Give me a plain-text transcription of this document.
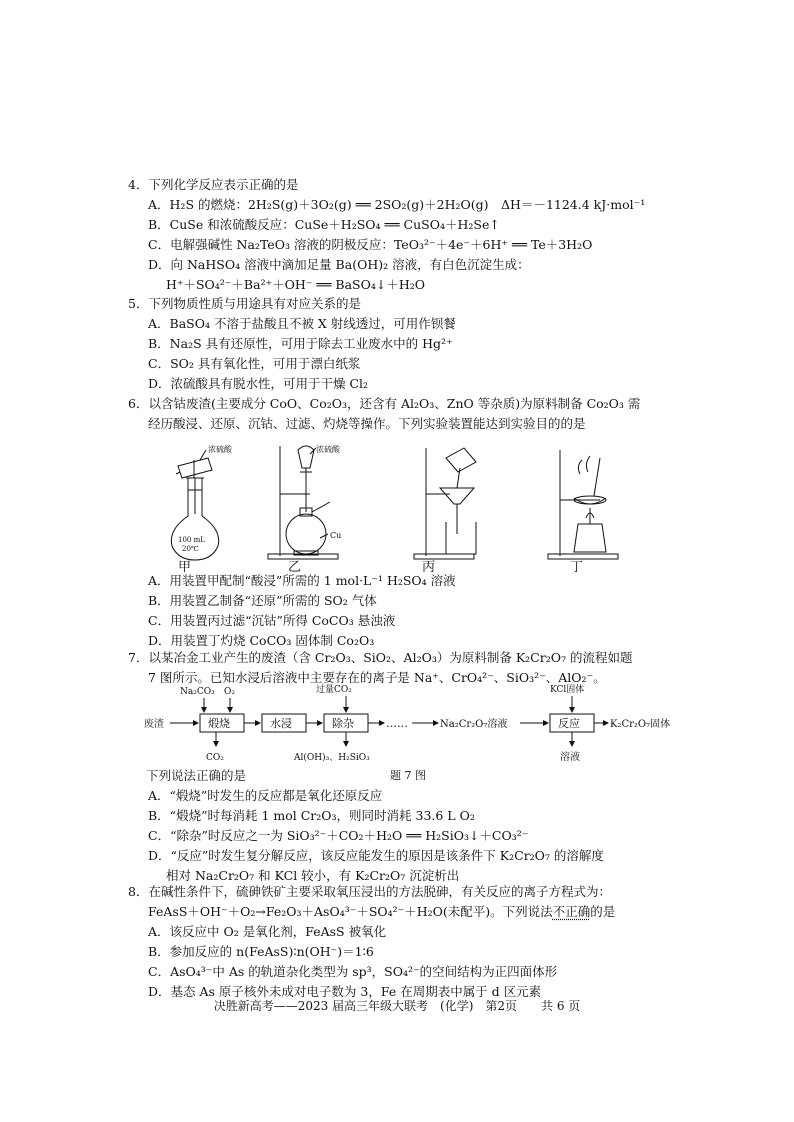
4．下列化学反应表示正确的是
A．H₂S 的燃烧：2H₂S(g)＋3O₂(g) ══ 2SO₂(g)＋2H₂O(g)　ΔH＝－1124.4 kJ·mol⁻¹
B．CuSe 和浓硫酸反应：CuSe＋H₂SO₄ ══ CuSO₄＋H₂Se↑
C．电解强碱性 Na₂TeO₃ 溶液的阴极反应：TeO₃²⁻＋4e⁻＋6H⁺ ══ Te＋3H₂O
D．向 NaHSO₄ 溶液中滴加足量 Ba(OH)₂ 溶液，有白色沉淀生成：
H⁺＋SO₄²⁻＋Ba²⁺＋OH⁻ ══ BaSO₄↓＋H₂O
5．下列物质性质与用途具有对应关系的是
A．BaSO₄ 不溶于盐酸且不被 X 射线透过，可用作钡餐
B．Na₂S 具有还原性，可用于除去工业废水中的 Hg²⁺
C．SO₂ 具有氧化性，可用于漂白纸浆
D．浓硫酸具有脱水性，可用于干燥 Cl₂
6．以含钴废渣(主要成分 CoO、Co₂O₃，还含有 Al₂O₃、ZnO 等杂质)为原料制备 Co₂O₃ 需
经历酸浸、还原、沉钴、过滤、灼烧等操作。下列实验装置能达到实验目的的是
浓硫酸
100 mL
20℃
浓硫酸
Cu
甲	乙	丙	丁
A．用装置甲配制“酸浸”所需的 1 mol·L⁻¹ H₂SO₄ 溶液
B．用装置乙制备“还原”所需的 SO₂ 气体
C．用装置丙过滤“沉钴”所得 CoCO₃ 悬浊液
D．用装置丁灼烧 CoCO₃ 固体制 Co₂O₃
7．以某冶金工业产生的废渣（含 Cr₂O₃、SiO₂、Al₂O₃）为原料制备 K₂Cr₂O₇ 的流程如题
7 图所示。已知水浸后溶液中主要存在的离子是 Na⁺、CrO₄²⁻、SiO₃²⁻、AlO₂⁻。
废渣	煅烧
Na₂CO₃ O₂
CO₂
水浸	除杂
过量CO₂
Al(OH)₃、H₂SiO₃
……	Na₂Cr₂O₇溶液	反应
KCl固体
溶液
K₂Cr₂O₇固体
下列说法正确的是	题 7 图
A．“煅烧”时发生的反应都是氧化还原反应
B．“煅烧”时每消耗 1 mol Cr₂O₃，则同时消耗 33.6 L O₂
C．“除杂”时反应之一为 SiO₃²⁻＋CO₂＋H₂O ══ H₂SiO₃↓＋CO₃²⁻
D．“反应”时发生复分解反应，该反应能发生的原因是该条件下 K₂Cr₂O₇ 的溶解度
相对 Na₂Cr₂O₇ 和 KCl 较小，有 K₂Cr₂O₇ 沉淀析出
8．在碱性条件下，硫砷铁矿主要采取氧压浸出的方法脱砷，有关反应的离子方程式为：
FeAsS＋OH⁻＋O₂→Fe₂O₃＋AsO₄³⁻＋SO₄²⁻＋H₂O(未配平)。下列说法不正确的是
A．该反应中 O₂ 是氧化剂，FeAsS 被氧化
B．参加反应的 n(FeAsS)∶n(OH⁻)＝1∶6
C．AsO₄³⁻中 As 的轨道杂化类型为 sp³，SO₄²⁻的空间结构为正四面体形
D．基态 As 原子核外未成对电子数为 3，Fe 在周期表中属于 d 区元素
决胜新高考——2023 届高三年级大联考　(化学)　第2页　　共 6 页
